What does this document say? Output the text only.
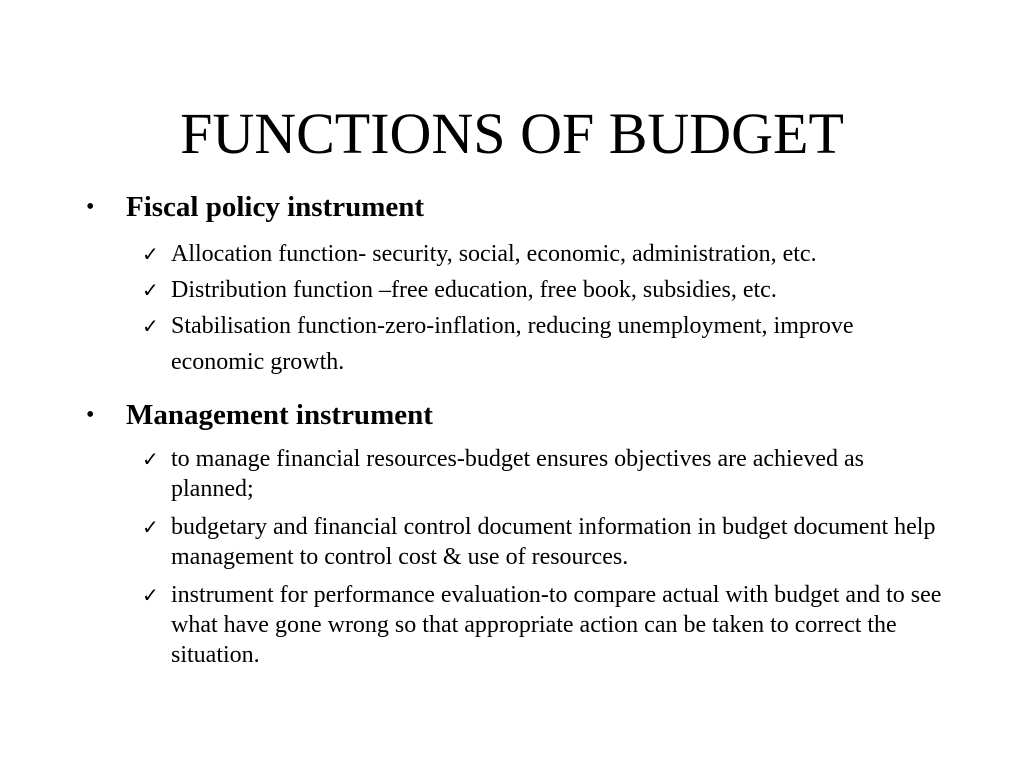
FUNCTIONS OF BUDGET
• Fiscal policy instrument
✓ Allocation function- security, social, economic, administration, etc.
✓ Distribution function –free education, free book, subsidies, etc.
✓ Stabilisation function-zero-inflation, reducing unemployment, improve economic growth.
• Management instrument
✓ to manage financial resources-budget ensures objectives are achieved as planned;
✓ budgetary and financial control document information in budget document help management to control cost & use of resources.
✓ instrument for performance evaluation-to compare actual with budget and to see what have gone wrong so that appropriate action can be taken to correct the situation.
